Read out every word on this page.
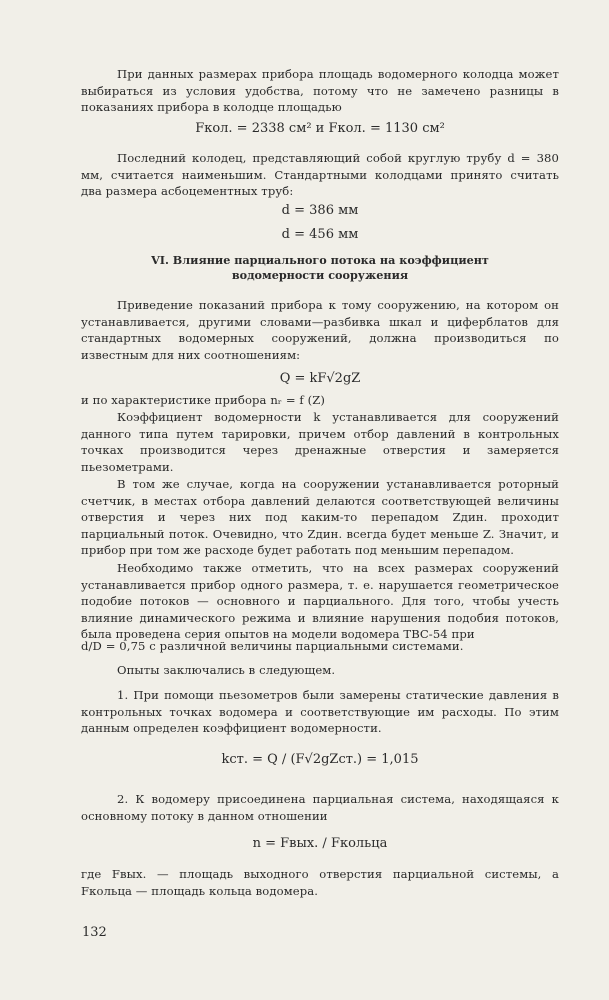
При данных размерах прибора площадь водомерного колодца может выбираться из условия удобства, потому что не замечено разницы в показаниях прибора в колодце площадью

Fкол. = 2338 см² и Fкол. = 1130 см²

Последний колодец, представляющий собой круглую трубу d = 380 мм, считается наименьшим. Стандартными колодцами принято считать два размера асбоцементных труб:

d = 386 мм
d = 456 мм
VI. Влияние парциального потока на коэффициент
водомерности сооружения

Приведение показаний прибора к тому сооружению, на котором он устанавливается, другими словами—разбивка шкал и циферблатов для стандартных водомерных сооружений, должна производиться по известным для них соотношениям:

Q = kF√2gZ

и по характеристике прибора nᵣ = f (Z)

Коэффициент водомерности k устанавливается для сооружений данного типа путем тарировки, причем отбор давлений в контрольных точках производится через дренажные отверстия и замеряется пьезометрами.

В том же случае, когда на сооружении устанавливается роторный счетчик, в местах отбора давлений делаются соответствующей величины отверстия и через них под каким-то перепадом Zдин. проходит парциальный поток. Очевидно, что Zдин. всегда будет меньше Z. Значит, и прибор при том же расходе будет работать под меньшим перепадом.

Необходимо также отметить, что на всех размерах сооружений устанавливается прибор одного размера, т. е. нарушается геометрическое подобие потоков — основного и парциального. Для того, чтобы учесть влияние динамического режима и влияние нарушения подобия потоков, была проведена серия опытов на модели водомера ТВС-54 при

d/D = 0,75 с различной величины парциальными системами.

Опыты заключались в следующем.

1. При помощи пьезометров были замерены статические давления в контрольных точках водомера и соответствующие им расходы. По этим данным определен коэффициент водомерности.

kст. = Q / (F√2gZст.) = 1,015

2. К водомеру присоединена парциальная система, находящаяся к основному потоку в данном отношении

n = Fвых. / Fкольца

где Fвых. — площадь выходного отверстия парциальной системы, а Fкольца — площадь кольца водомера.

132
